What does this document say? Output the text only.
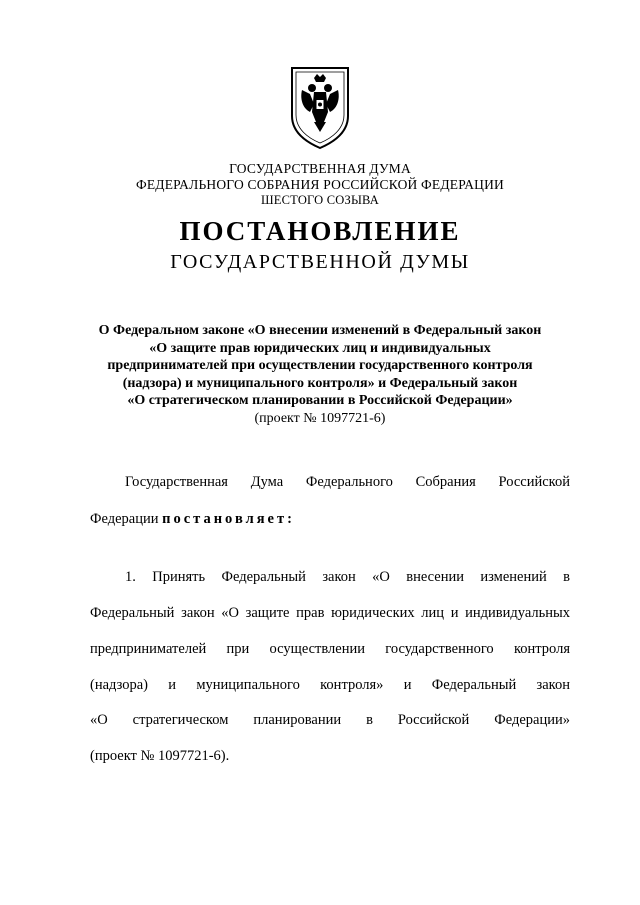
ГОСУДАРСТВЕННАЯ ДУМА
ФЕДЕРАЛЬНОГО СОБРАНИЯ РОССИЙСКОЙ ФЕДЕРАЦИИ
ШЕСТОГО СОЗЫВА
ПОСТАНОВЛЕНИЕ
ГОСУДАРСТВЕННОЙ ДУМЫ
О Федеральном законе «О внесении изменений в Федеральный закон
«О защите прав юридических лиц и индивидуальных
предпринимателей при осуществлении государственного контроля
(надзора) и муниципального контроля» и Федеральный закон
«О стратегическом планировании в Российской Федерации»
(проект № 1097721-6)
Государственная Дума Федерального Собрания Российской
Федерации постановляет:
1. Принять Федеральный закон «О внесении изменений в
Федеральный закон «О защите прав юридических лиц и индивидуальных
предпринимателей при осуществлении государственного контроля
(надзора) и муниципального контроля» и Федеральный закон
«О стратегическом планировании в Российской Федерации»
(проект № 1097721-6).
